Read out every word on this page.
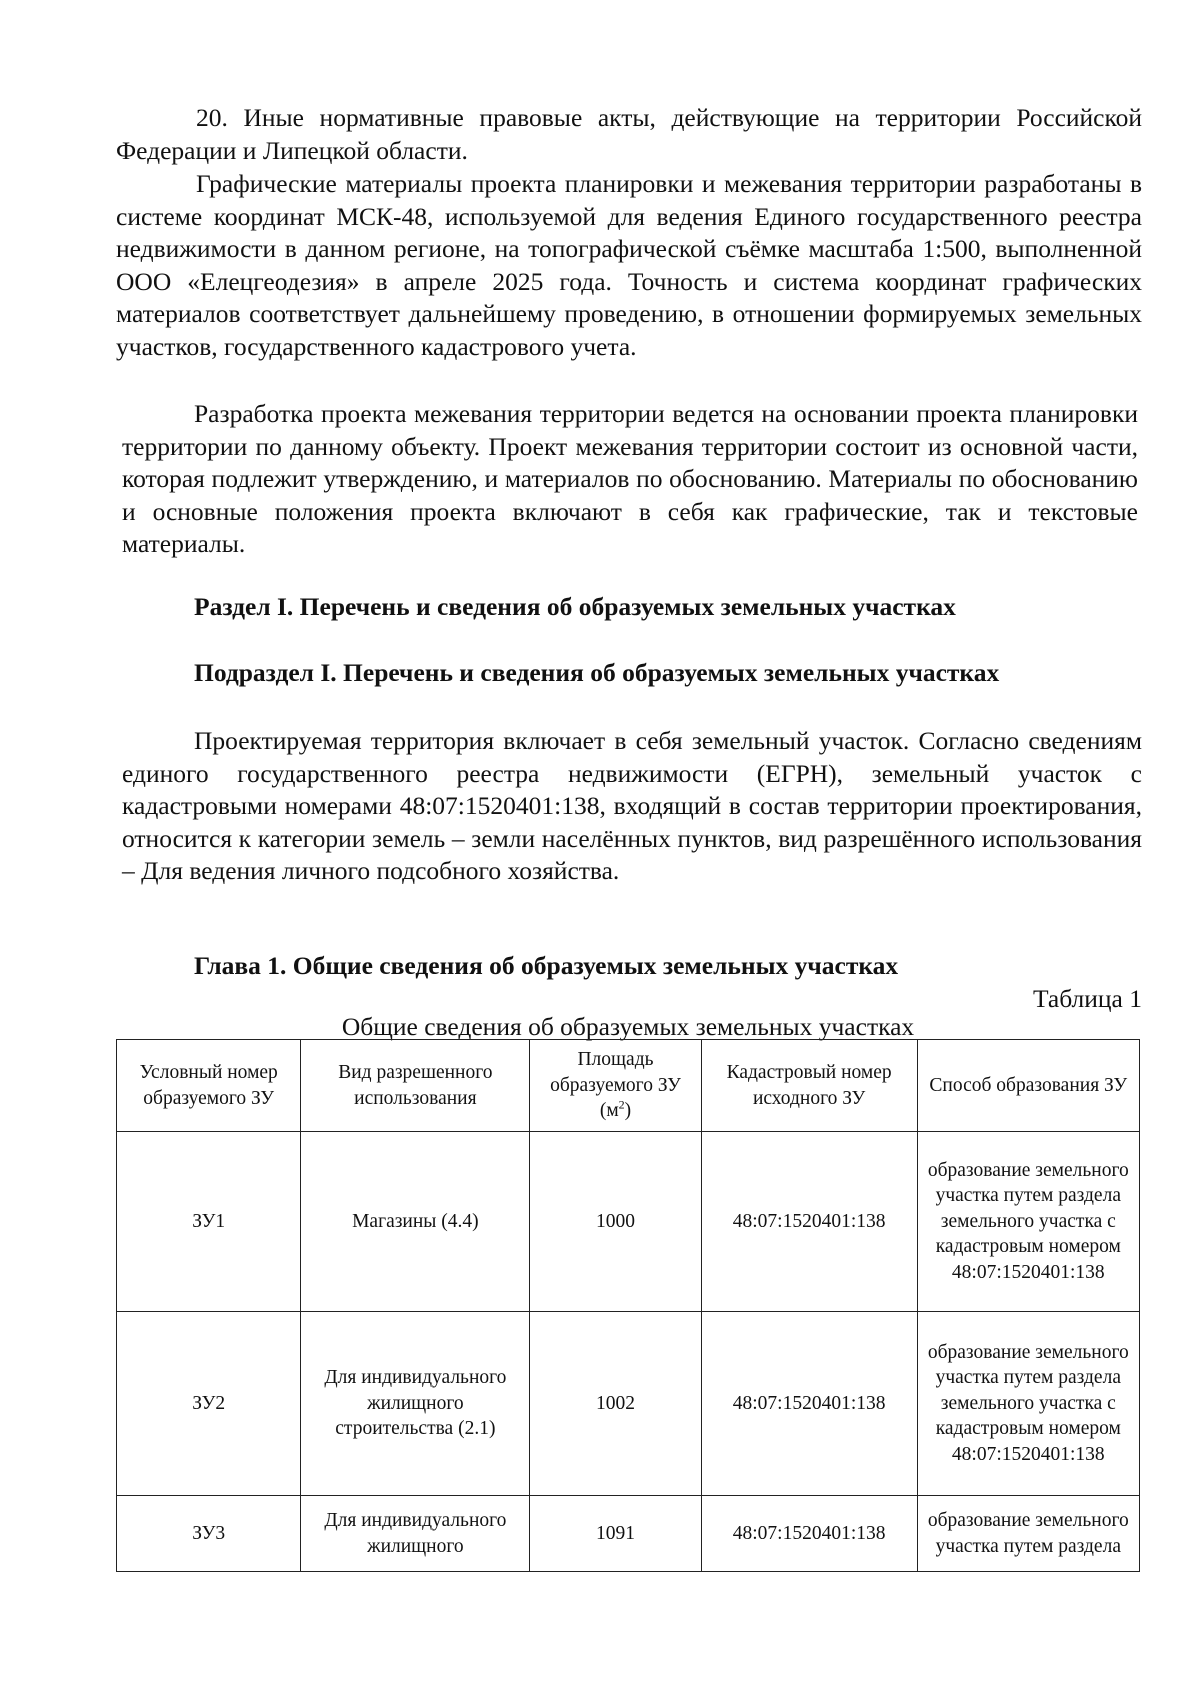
20. Иные нормативные правовые акты, действующие на территории Российской Федерации и Липецкой области.
Графические материалы проекта планировки и межевания территории разработаны в системе координат МСК-48, используемой для ведения Единого государственного реестра недвижимости в данном регионе, на топографической съёмке масштаба 1:500, выполненной ООО «Елецгеодезия» в апреле 2025 года. Точность и система координат графических материалов соответствует дальнейшему проведению, в отношении формируемых земельных участков, государственного кадастрового учета.
Разработка проекта межевания территории ведется на основании проекта планировки территории по данному объекту. Проект межевания территории состоит из основной части, которая подлежит утверждению, и материалов по обоснованию. Материалы по обоснованию и основные положения проекта включают в себя как графические, так и текстовые материалы.
Раздел I. Перечень и сведения об образуемых земельных участках
Подраздел I. Перечень и сведения об образуемых земельных участках
Проектируемая территория включает в себя земельный участок. Согласно сведениям единого государственного реестра недвижимости (ЕГРН), земельный участок с кадастровыми номерами 48:07:1520401:138, входящий в состав территории проектирования, относится к категории земель – земли населённых пунктов, вид разрешённого использования – Для ведения личного подсобного хозяйства.
Глава 1. Общие сведения об образуемых земельных участках
Таблица 1
Общие сведения об образуемых земельных участках
Условный номер образуемого ЗУ	Вид разрешенного использования	Площадь образуемого ЗУ $(м^2)$	Кадастровый номер исходного ЗУ	Способ образования ЗУ
ЗУ1	Магазины (4.4)	1000	48:07:1520401:138	образование земельного участка путем раздела земельного участка с кадастровым номером 48:07:1520401:138
ЗУ2	Для индивидуального жилищного строительства (2.1)	1002	48:07:1520401:138	образование земельного участка путем раздела земельного участка с кадастровым номером 48:07:1520401:138
ЗУ3	Для индивидуального жилищного	1091	48:07:1520401:138	образование земельного участка путем раздела
